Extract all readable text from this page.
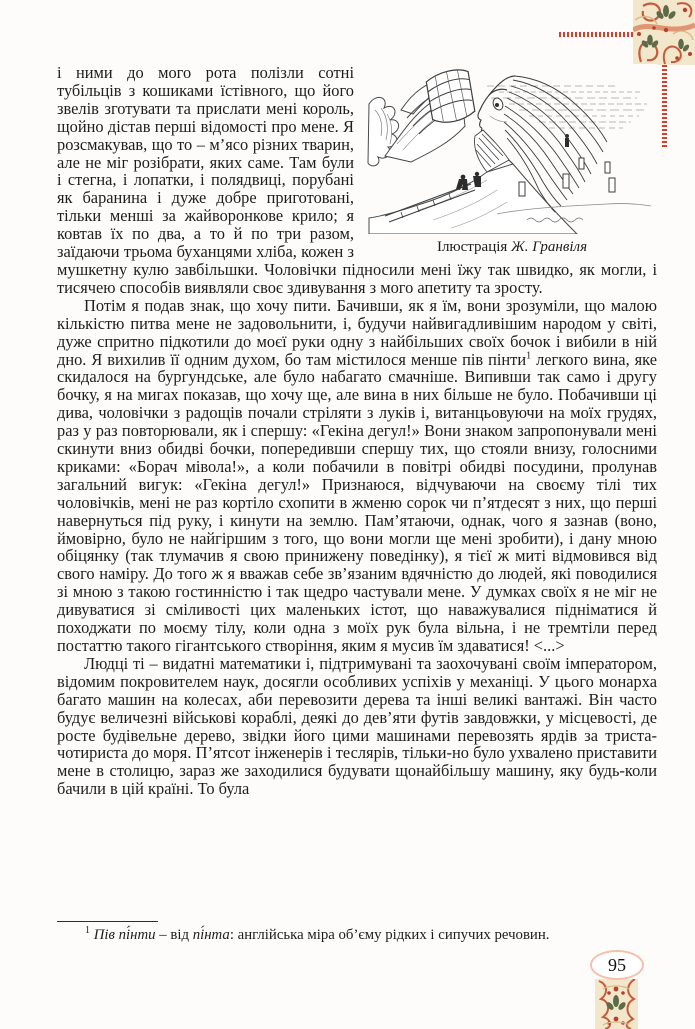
Ілюстрація Ж. Гранвіля

і ними до мого рота полізли сотні тубільців з кошиками їстівного, що його звелів зготувати та прислати мені король, щойно дістав перші відомості про мене. Я розсмакував, що то – м’ясо різних тварин, але не міг розібрати, яких саме. Там були і стегна, і лопатки, і полядвиці, порубані як баранина і дуже добре приготовані, тільки менші за жайворонкове крило; я ковтав їх по два, а то й по три разом, заїдаючи трьома буханцями хліба, кожен з мушкетну кулю завбільшки. Чоловічки підносили мені їжу так швидко, як могли, і тисячею способів виявляли своє здивування з мого апетиту та зросту.

Потім я подав знак, що хочу пити. Бачивши, як я їм, вони зрозуміли, що малою кількістю питва мене не задовольнити, і, будучи найвигадливішим народом у світі, дуже спритно підкотили до моєї руки одну з найбільших своїх бочок і вибили в ній дно. Я вихилив її одним духом, бо там містилося менше пів пінти$^1$ легкого вина, яке скидалося на бургундське, але було набагато смачніше. Випивши так само і другу бочку, я на мигах показав, що хочу ще, але вина в них більше не було. Побачивши ці дива, чоловічки з радощів почали стріляти з луків і, витанцьовуючи на моїх грудях, раз у раз повторювали, як і спершу: «Гекіна дегул!» Вони знаком запропонували мені скинути вниз обидві бочки, попередивши спершу тих, що стояли внизу, голосними криками: «Борач мівола!», а коли побачили в повітрі обидві посудини, пролунав загальний вигук: «Гекіна дегул!» Признаюся, відчуваючи на своєму тілі тих чоловічків, мені не раз кортіло схопити в жменю сорок чи п’ятдесят з них, що перші навернуться під руку, і кинути на землю. Пам’ятаючи, однак, чого я зазнав (воно, ймовірно, було не найгіршим з того, що вони могли ще мені зробити), і дану мною обіцянку (так тлумачив я свою принижену поведінку), я тієї ж миті відмовився від свого наміру. До того ж я вважав себе зв’язаним вдячністю до людей, які поводилися зі мною з такою гостинністю і так щедро частували мене. У думках своїх я не міг не дивуватися зі сміливості цих маленьких істот, що наважувалися підніматися й походжати по моєму тілу, коли одна з моїх рук була вільна, і не тремтіли перед постаттю такого гігантського створіння, яким я мусив їм здаватися! <...>

Людці ті – видатні математики і, підтримувані та заохочувані своїм імператором, відомим покровителем наук, досягли особливих успіхів у механіці. У цього монарха багато машин на колесах, аби перевозити дерева та інші великі вантажі. Він часто будує величезні військові кораблі, деякі до дев’яти футів завдовжки, у місцевості, де росте будівельне дерево, звідки його цими машинами перевозять ярдів за триста-чотириста до моря. П’ятсот інженерів і теслярів, тільки-но було ухвалено приставити мене в столицю, зараз же заходилися будувати щонайбільшу машину, яку будь-коли бачили в цій країні. То була

$^1$ Пів пі́нти – від пі́нта: англійська міра об’єму рідких і сипучих речовин.
95
